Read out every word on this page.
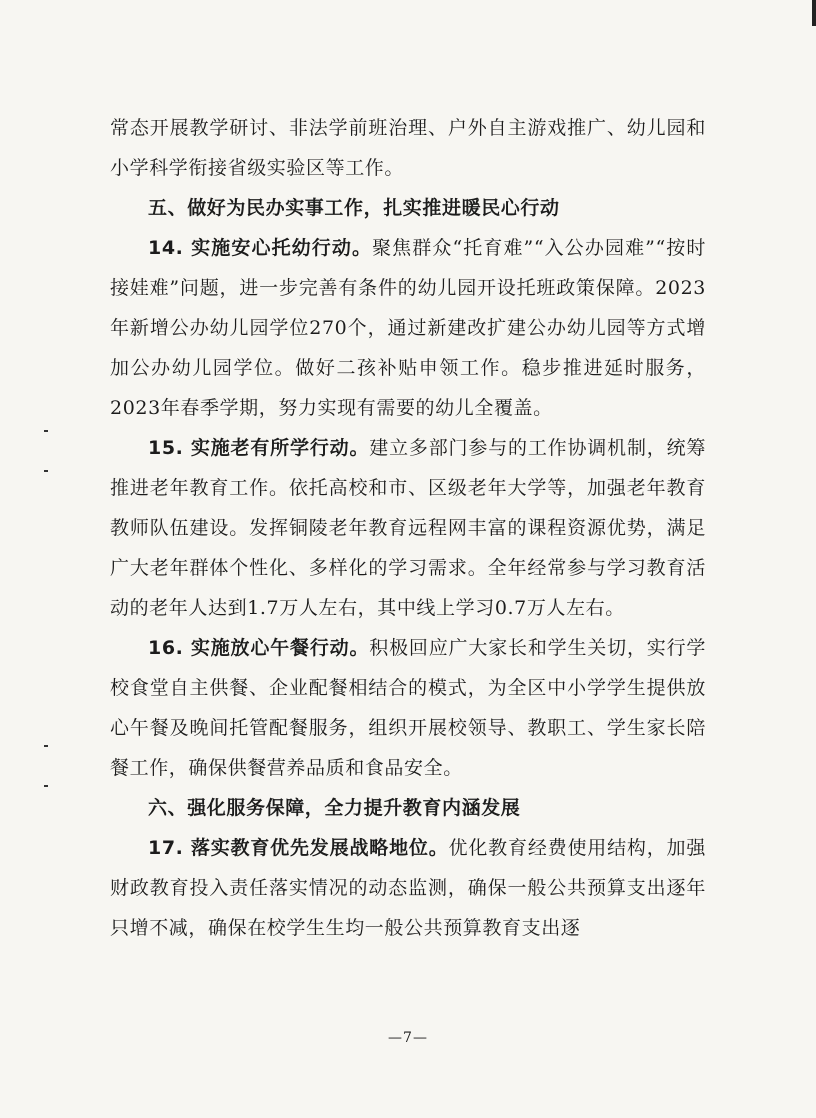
常态开展教学研讨、非法学前班治理、户外自主游戏推广、幼儿园和小学科学衔接省级实验区等工作。

五、做好为民办实事工作，扎实推进暖民心行动

14. 实施安心托幼行动。聚焦群众“托育难”“入公办园难”“按时接娃难”问题，进一步完善有条件的幼儿园开设托班政策保障。2023年新增公办幼儿园学位270个，通过新建改扩建公办幼儿园等方式增加公办幼儿园学位。做好二孩补贴申领工作。稳步推进延时服务，2023年春季学期，努力实现有需要的幼儿全覆盖。

15. 实施老有所学行动。建立多部门参与的工作协调机制，统筹推进老年教育工作。依托高校和市、区级老年大学等，加强老年教育教师队伍建设。发挥铜陵老年教育远程网丰富的课程资源优势，满足广大老年群体个性化、多样化的学习需求。全年经常参与学习教育活动的老年人达到1.7万人左右，其中线上学习0.7万人左右。

16. 实施放心午餐行动。积极回应广大家长和学生关切，实行学校食堂自主供餐、企业配餐相结合的模式，为全区中小学学生提供放心午餐及晚间托管配餐服务，组织开展校领导、教职工、学生家长陪餐工作，确保供餐营养品质和食品安全。

六、强化服务保障，全力提升教育内涵发展

17. 落实教育优先发展战略地位。优化教育经费使用结构，加强财政教育投入责任落实情况的动态监测，确保一般公共预算支出逐年只增不减，确保在校学生生均一般公共预算教育支出逐

—7—
